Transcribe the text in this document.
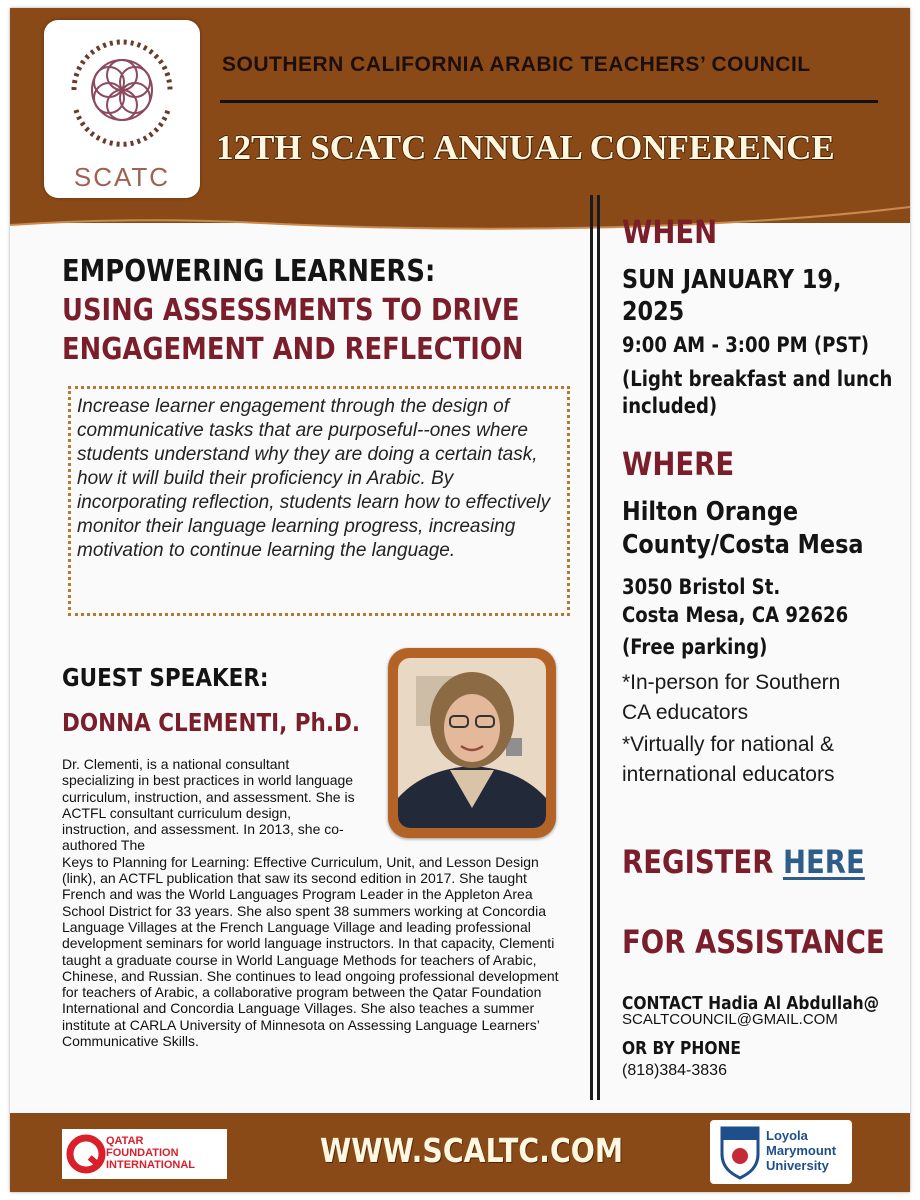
SCATC
SOUTHERN CALIFORNIA ARABIC TEACHERS’ COUNCIL
12TH SCATC ANNUAL CONFERENCE
EMPOWERING LEARNERS:
USING ASSESSMENTS TO DRIVE
ENGAGEMENT AND REFLECTION
Increase learner engagement through the design of communicative tasks that are purposeful--ones where students understand why they are doing a certain task, how it will build their proficiency in Arabic. By incorporating reflection, students learn how to effectively monitor their language learning progress, increasing motivation to continue learning the language.
GUEST SPEAKER:
DONNA CLEMENTI, Ph.D.
Dr. Clementi, is a national consultant specializing in best practices in world language curriculum, instruction, and assessment. She is ACTFL consultant curriculum design, instruction, and assessment. In 2013, she co-authored The
Keys to Planning for Learning: Effective Curriculum, Unit, and Lesson Design (link), an ACTFL publication that saw its second edition in 2017. She taught French and was the World Languages Program Leader in the Appleton Area School District for 33 years. She also spent 38 summers working at Concordia Language Villages at the French Language Village and leading professional development seminars for world language instructors. In that capacity, Clementi taught a graduate course in World Language Methods for teachers of Arabic, Chinese, and Russian. She continues to lead ongoing professional development for teachers of Arabic, a collaborative program between the Qatar Foundation International and Concordia Language Villages. She also teaches a summer institute at CARLA University of Minnesota on Assessing Language Learners’ Communicative Skills.
WHEN
SUN JANUARY 19,
2025
9:00 AM - 3:00 PM (PST)
(Light breakfast and lunch
included)
WHERE
Hilton Orange
County/Costa Mesa
3050 Bristol St.
Costa Mesa, CA 92626
(Free parking)
*In-person for Southern
CA educators
*Virtually for national &
international educators
REGISTER HERE
FOR ASSISTANCE
CONTACT Hadia Al Abdullah@
SCALTCOUNCIL@GMAIL.COM
OR BY PHONE
(818)384-3836
QATAR
FOUNDATION
INTERNATIONAL	WWW.SCALTC.COM	Loyola
Marymount
University
